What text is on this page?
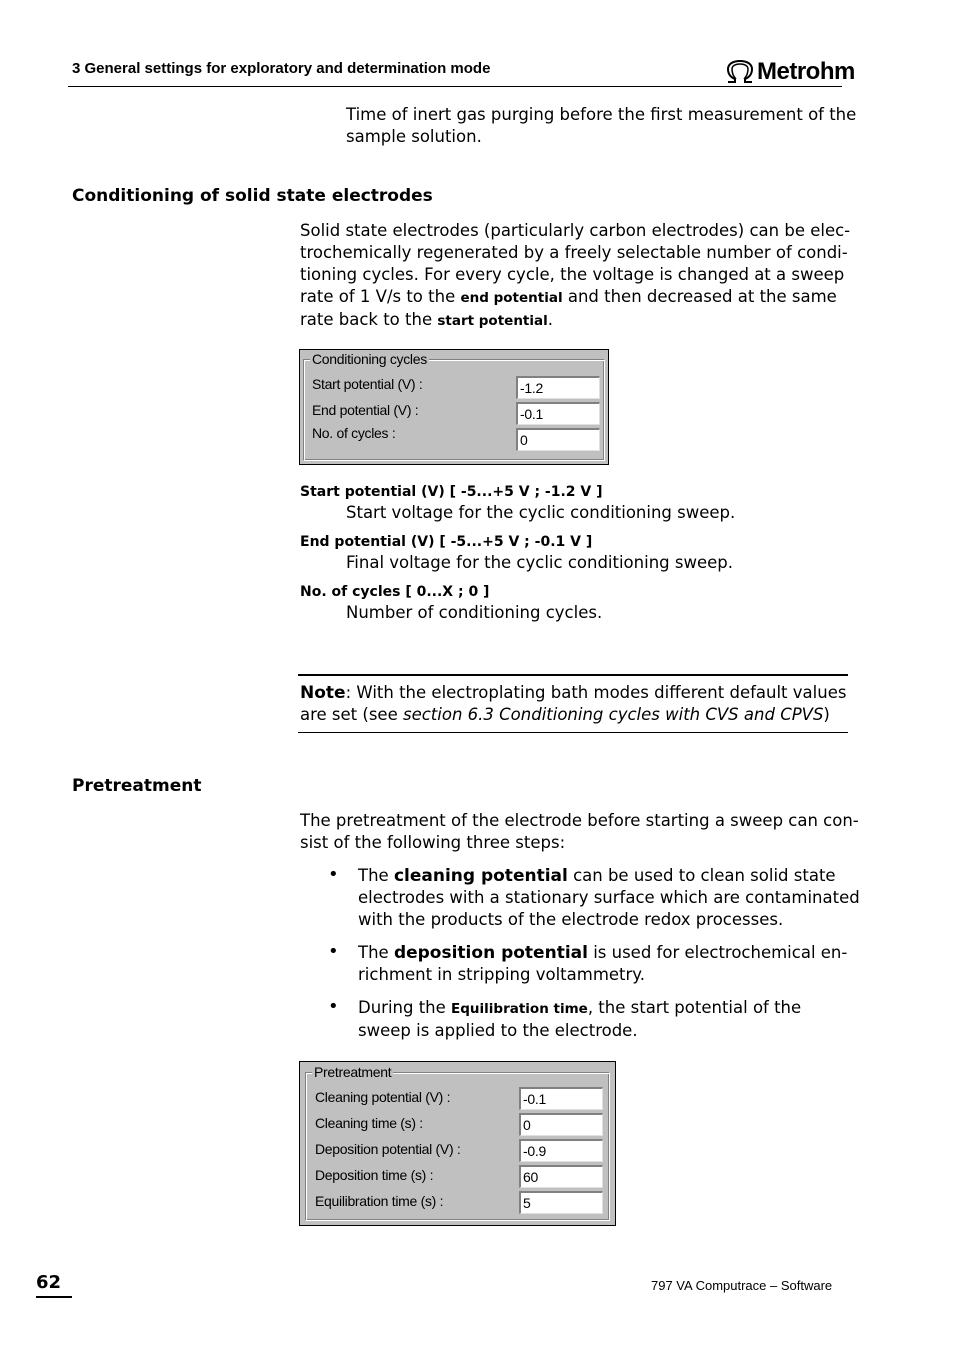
3 General settings for exploratory and determination mode	Metrohm
Time of inert gas purging before the first measurement of the
sample solution.
Conditioning of solid state electrodes
Solid state electrodes (particularly carbon electrodes) can be elec-
trochemically regenerated by a freely selectable number of condi-
tioning cycles. For every cycle, the voltage is changed at a sweep
rate of 1 V/s to the end potential and then decreased at the same
rate back to the start potential.
Conditioning cycles
Start potential (V) :
End potential (V) :
No. of cycles :
-1.2
-0.1
0
Start potential (V) [ -5...+5 V ; -1.2 V ]
Start voltage for the cyclic conditioning sweep.
End potential (V) [ -5...+5 V ; -0.1 V ]
Final voltage for the cyclic conditioning sweep.
No. of cycles [ 0...X ; 0 ]
Number of conditioning cycles.
Note: With the electroplating bath modes different default values
are set (see section 6.3 Conditioning cycles with CVS and CPVS)
Pretreatment
The pretreatment of the electrode before starting a sweep can con-
sist of the following three steps:
• The cleaning potential can be used to clean solid state
electrodes with a stationary surface which are contaminated
with the products of the electrode redox processes.
• The deposition potential is used for electrochemical en-
richment in stripping voltammetry.
• During the Equilibration time, the start potential of the
sweep is applied to the electrode.
Pretreatment
Cleaning potential (V) :
Cleaning time (s) :
Deposition potential (V) :
Deposition time (s) :
Equilibration time (s) :
-0.1
0
-0.9
60
5
62	797 VA Computrace – Software
